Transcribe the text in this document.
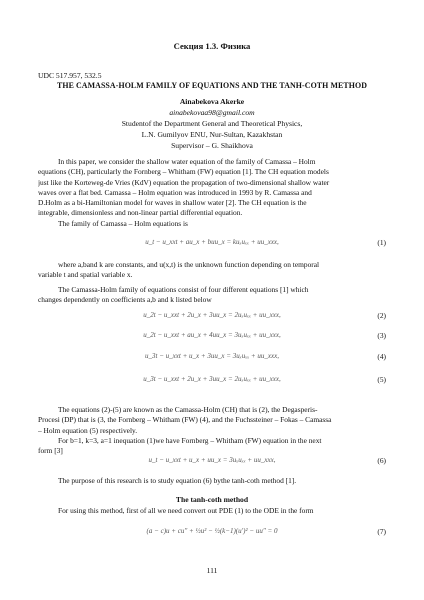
Секция 1.3. Физика
UDC 517.957, 532.5
THE CAMASSA-HOLM FAMILY OF EQUATIONS AND THE TANH-COTH METHOD
Ainabekova Akerke
ainabekovaa98@gmail.com
Studentof the Department General and Theoretical Physics,
L.N. Gumilyov ENU, Nur-Sultan, Kazakhstan
Supervisor – G. Shaikhova
In this paper, we consider the shallow water equation of the family of Camassa – Holm
equations (CH), particularly the Fornberg – Whitham (FW) equation [1]. The CH equation models
just like the Korteweg-de Vries (KdV) equation the propagation of two-dimensional shallow water
waves over a flat bed. Camassa – Holm equation was introduced in 1993 by R. Camassa and
D.Holm as a bi-Hamiltonian model for waves in shallow water [2]. The CH equation is the
integrable, dimensionless and non-linear partial differential equation.
The family of Camassa – Holm equations is
u_t − u_xxt + au_x + buu_x = kuₓuₓₓ + uu_xxx,	(1)
where a,band k are constants, and u(x,t) is the unknown function depending on temporal
variable t and spatial variable x.
The Camassa-Holm family of equations consist of four different equations [1] which
changes dependently on coefficients a,b and k listed below
u_2t − u_xxt + 2u_x + 3uu_x = 2uₓuₓₓ + uu_xxx,	(2)
u_2t − u_xxt + au_x + 4uu_x = 3uₓuₓₓ + uu_xxx,	(3)
u_3t − u_xxt + u_x + 3uu_x = 3uₓuₓₓ + uu_xxx,	(4)
u_3t − u_xxt + 2u_x + 3uu_x = 2uₓuₓₓ + uu_xxx,	(5)
The equations (2)-(5) are known as the Camassa-Holm (CH) that is (2), the Degasperis-
Procesi (DP) that is (3, the Fornberg – Whitham (FW) (4), and the Fuchssteiner – Fokas – Camassa
– Holm equation (5) respectively.
For b=1, k=3, a=1 inequation (1)we have Fornberg – Whitham (FW) equation in the next
form [3]
u_t − u_xxt + u_x + uu_x = 3uₓuₓₓ + uu_xxx,	(6)
The purpose of this research is to study equation (6) bythe tanh-coth method [1].
The tanh-coth method
For using this method, first of all we need convert out PDE (1) to the ODE in the form
(a − c)u + cu″ + ½u² − ½(k−1)(u′)² − uu″ = 0	(7)
111
